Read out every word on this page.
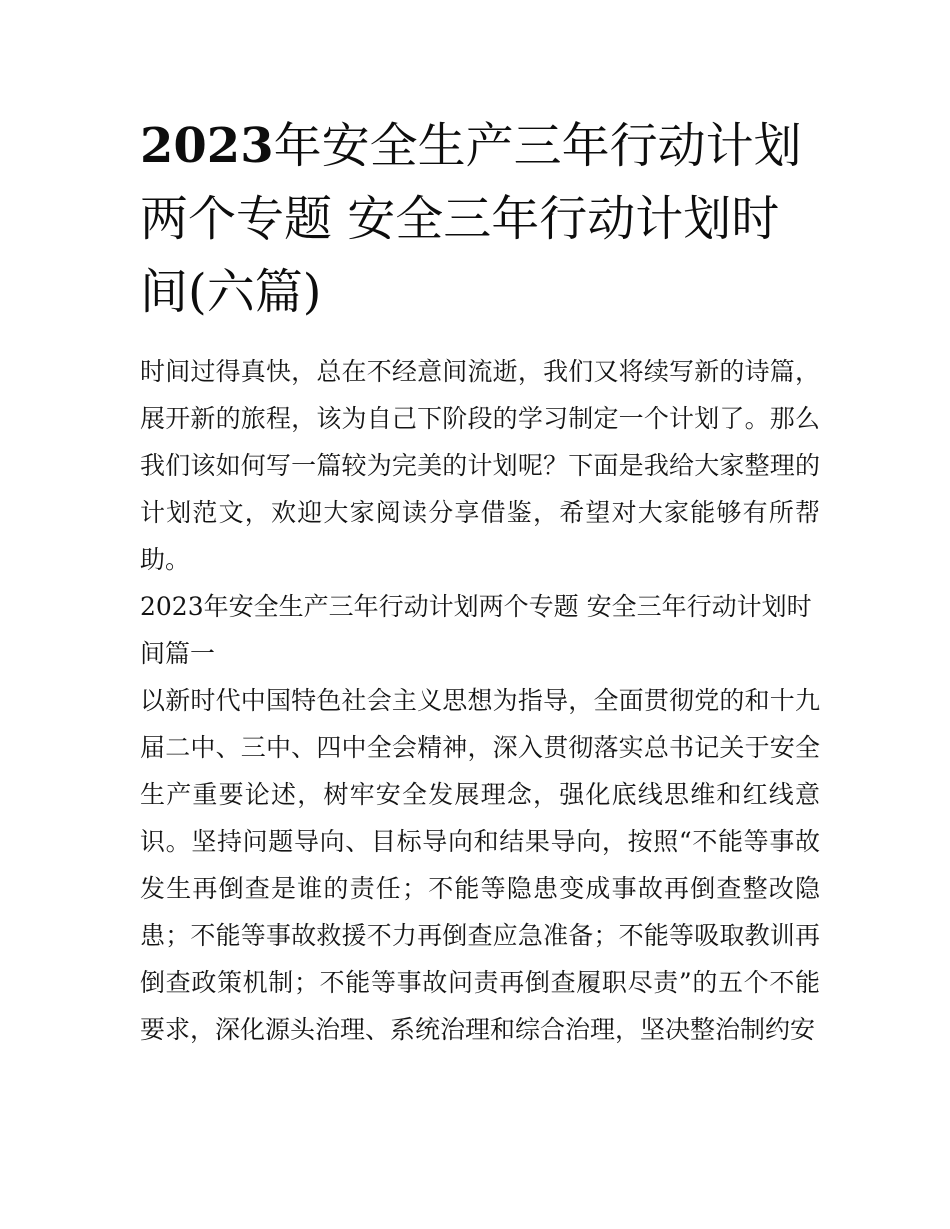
2023年安全生产三年行动计划两个专题 安全三年行动计划时间(六篇)

时间过得真快，总在不经意间流逝，我们又将续写新的诗篇，展开新的旅程，该为自己下阶段的学习制定一个计划了。那么我们该如何写一篇较为完美的计划呢？下面是我给大家整理的计划范文，欢迎大家阅读分享借鉴，希望对大家能够有所帮助。

2023年安全生产三年行动计划两个专题 安全三年行动计划时间篇一

以新时代中国特色社会主义思想为指导，全面贯彻党的和十九届二中、三中、四中全会精神，深入贯彻落实总书记关于安全生产重要论述，树牢安全发展理念，强化底线思维和红线意识。坚持问题导向、目标导向和结果导向，按照“不能等事故发生再倒查是谁的责任；不能等隐患变成事故再倒查整改隐患；不能等事故救援不力再倒查应急准备；不能等吸取教训再倒查政策机制；不能等事故问责再倒查履职尽责”的五个不能要求，深化源头治理、系统治理和综合治理，坚决整治制约安
